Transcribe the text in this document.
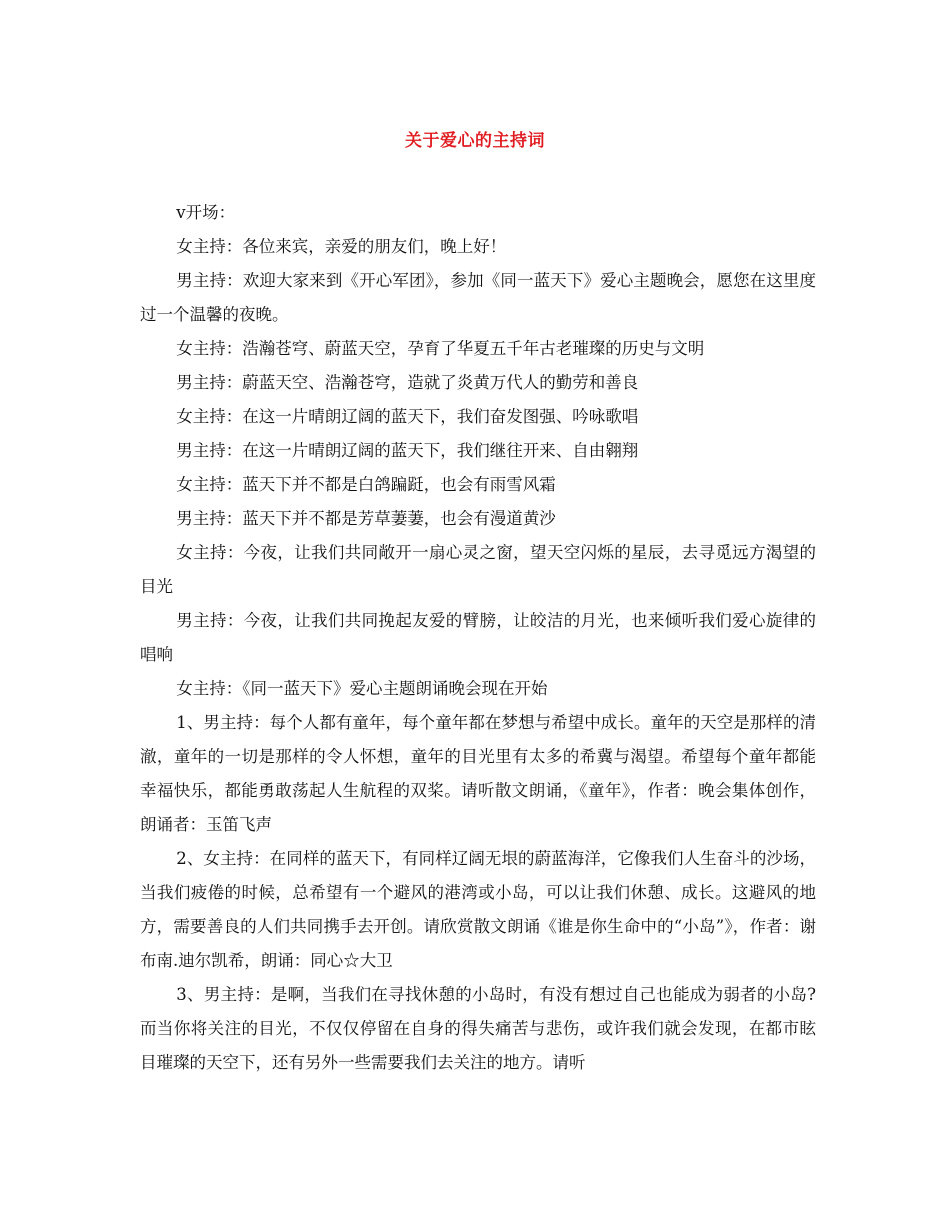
关于爱心的主持词

v开场：

女主持：各位来宾，亲爱的朋友们，晚上好！

男主持：欢迎大家来到《开心军团》，参加《同一蓝天下》爱心主题晚会，愿您在这里度过一个温馨的夜晚。

女主持：浩瀚苍穹、蔚蓝天空，孕育了华夏五千年古老璀璨的历史与文明

男主持：蔚蓝天空、浩瀚苍穹，造就了炎黄万代人的勤劳和善良

女主持：在这一片晴朗辽阔的蓝天下，我们奋发图强、吟咏歌唱

男主持：在这一片晴朗辽阔的蓝天下，我们继往开来、自由翱翔

女主持：蓝天下并不都是白鸽蹁跹，也会有雨雪风霜

男主持：蓝天下并不都是芳草萋萋，也会有漫道黄沙

女主持：今夜，让我们共同敞开一扇心灵之窗，望天空闪烁的星辰，去寻觅远方渴望的目光

男主持：今夜，让我们共同挽起友爱的臂膀，让皎洁的月光，也来倾听我们爱心旋律的唱响

女主持：《同一蓝天下》爱心主题朗诵晚会现在开始

1、男主持：每个人都有童年，每个童年都在梦想与希望中成长。童年的天空是那样的清澈，童年的一切是那样的令人怀想，童年的目光里有太多的希冀与渴望。希望每个童年都能幸福快乐，都能勇敢荡起人生航程的双桨。请听散文朗诵，《童年》，作者：晚会集体创作，朗诵者：玉笛飞声

2、女主持：在同样的蓝天下，有同样辽阔无垠的蔚蓝海洋，它像我们人生奋斗的沙场，当我们疲倦的时候，总希望有一个避风的港湾或小岛，可以让我们休憩、成长。这避风的地方，需要善良的人们共同携手去开创。请欣赏散文朗诵《谁是你生命中的“小岛”》，作者：谢布南.迪尔凯希，朗诵：同心☆大卫

3、男主持：是啊，当我们在寻找休憩的小岛时，有没有想过自己也能成为弱者的小岛?而当你将关注的目光，不仅仅停留在自身的得失痛苦与悲伤，或许我们就会发现，在都市眩目璀璨的天空下，还有另外一些需要我们去关注的地方。请听
